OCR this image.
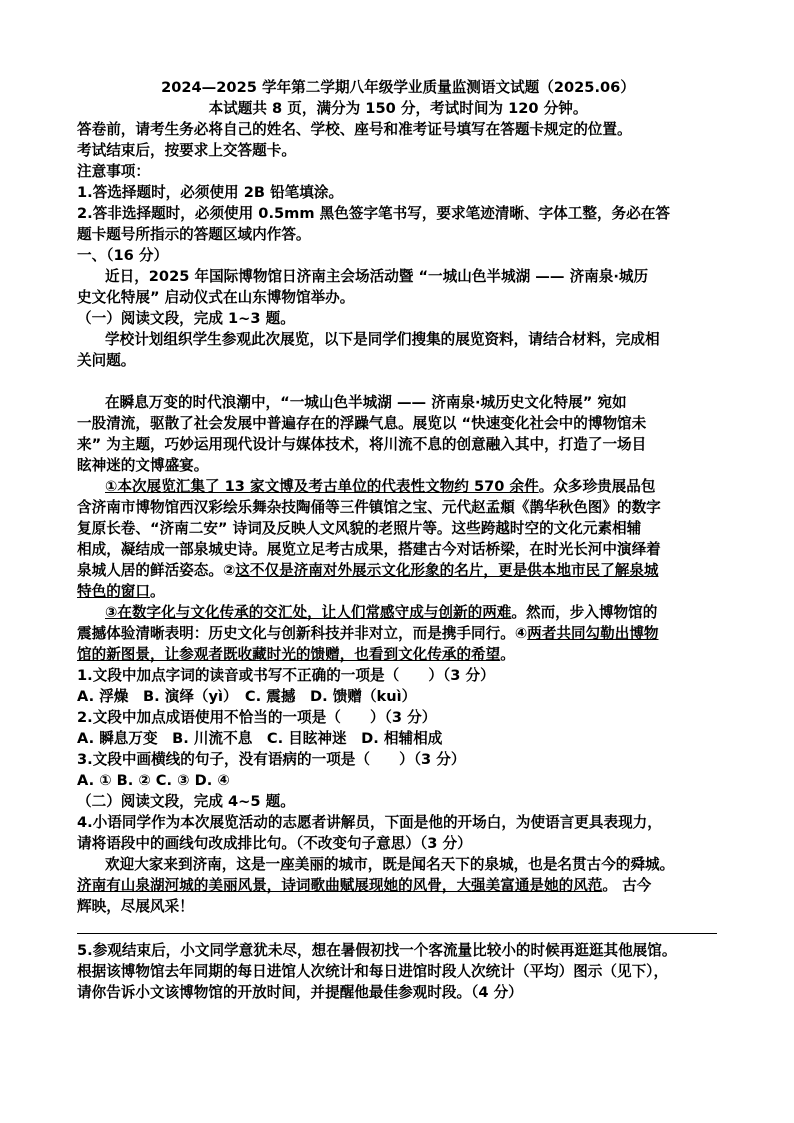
2024—2025 学年第二学期八年级学业质量监测语文试题（2025.06）
本试题共 8 页，满分为 150 分，考试时间为 120 分钟。
答卷前，请考生务必将自己的姓名、学校、座号和准考证号填写在答题卡规定的位置。
考试结束后，按要求上交答题卡。
注意事项：
1.答选择题时，必须使用 2B 铅笔填涂。
2.答非选择题时，必须使用 0.5mm 黑色签字笔书写，要求笔迹清晰、字体工整，务必在答
题卡题号所指示的答题区域内作答。
一、（16 分）
近日，2025 年国际博物馆日济南主会场活动暨 “一城山色半城湖 —— 济南泉·城历
史文化特展” 启动仪式在山东博物馆举办。
（一）阅读文段，完成 1~3 题。
学校计划组织学生参观此次展览，以下是同学们搜集的展览资料，请结合材料，完成相
关问题。
在瞬息万变的时代浪潮中，“一城山色半城湖 —— 济南泉·城历史文化特展” 宛如
一股清流，驱散了社会发展中普遍存在的浮躁气息。展览以 “快速变化社会中的博物馆未
来” 为主题，巧妙运用现代设计与媒体技术，将川流不息的创意融入其中，打造了一场目
眩神迷的文博盛宴。
①本次展览汇集了 13 家文博及考古单位的代表性文物约 570 余件。众多珍贵展品包
含济南市博物馆西汉彩绘乐舞杂技陶俑等三件镇馆之宝、元代赵孟頫《鹊华秋色图》的数字
复原长卷、“济南二安” 诗词及反映人文风貌的老照片等。这些跨越时空的文化元素相辅
相成，凝结成一部泉城史诗。展览立足考古成果，搭建古今对话桥梁，在时光长河中演绎着
泉城人居的鲜活姿态。②这不仅是济南对外展示文化形象的名片，更是供本地市民了解泉城
特色的窗口。
③在数字化与文化传承的交汇处，让人们常感守成与创新的两难。然而，步入博物馆的
震撼体验清晰表明：历史文化与创新科技并非对立，而是携手同行。④两者共同勾勒出博物
馆的新图景，让参观者既收藏时光的馈赠，也看到文化传承的希望。
1.文段中加点字词的读音或书写不正确的一项是（　　）（3 分）
A. 浮燥　B. 演绎（yì）　C. 震撼　D. 馈赠（kuì）
2.文段中加点成语使用不恰当的一项是（　　）（3 分）
A. 瞬息万变　B. 川流不息　C. 目眩神迷　D. 相辅相成
3.文段中画横线的句子，没有语病的一项是（　　）（3 分）
A. ① B. ② C. ③ D. ④
（二）阅读文段，完成 4~5 题。
4.小语同学作为本次展览活动的志愿者讲解员，下面是他的开场白，为使语言更具表现力，
请将语段中的画线句改成排比句。（不改变句子意思）（3 分）
欢迎大家来到济南，这是一座美丽的城市，既是闻名天下的泉城，也是名贯古今的舜城。
济南有山泉湖河城的美丽风景，诗词歌曲赋展现她的风骨，大强美富通是她的风范。 古今
辉映，尽展风采！
5.参观结束后，小文同学意犹未尽，想在暑假初找一个客流量比较小的时候再逛逛其他展馆。
根据该博物馆去年同期的每日进馆人次统计和每日进馆时段人次统计（平均）图示（见下），
请你告诉小文该博物馆的开放时间，并提醒他最佳参观时段。（4 分）
